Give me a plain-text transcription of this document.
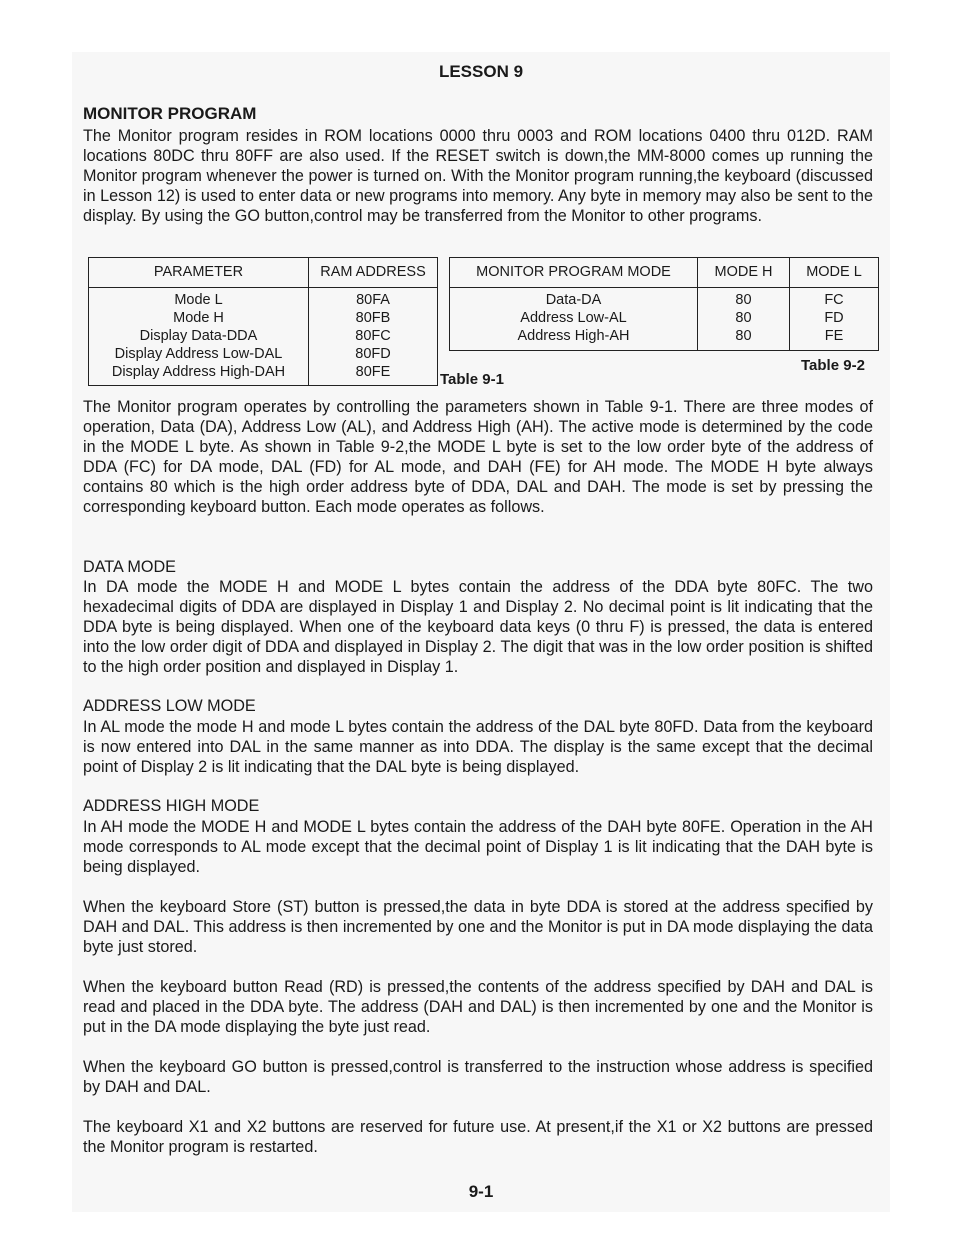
LESSON 9
MONITOR PROGRAM

The Monitor program resides in ROM locations 0000 thru 0003 and ROM locations 0400 thru 012D. RAM locations 80DC thru 80FF are also used. If the RESET switch is down,the MM-8000 comes up running the Monitor program whenever the power is turned on. With the Monitor program running,the keyboard (discussed in Lesson 12) is used to enter data or new programs into memory. Any byte in memory may also be sent to the display. By using the GO button,control may be transferred from the Monitor to other programs.

PARAMETER	RAM ADDRESS
Mode L	80FA
Mode H	80FB
Display Data-DDA	80FC
Display Address Low-DAL	80FD
Display Address High-DAH	80FE	Table 9-1
MONITOR PROGRAM MODE	MODE H	MODE L
Data-DA	80	FC
Address Low-AL	80	FD
Address High-AH	80	FE
Table 9-2

The Monitor program operates by controlling the parameters shown in Table 9-1. There are three modes of operation, Data (DA), Address Low (AL), and Address High (AH). The active mode is determined by the code in the MODE L byte. As shown in Table 9-2,the MODE L byte is set to the low order byte of the address of DDA (FC) for DA mode, DAL (FD) for AL mode, and DAH (FE) for AH mode. The MODE H byte always contains 80 which is the high order address byte of DDA, DAL and DAH. The mode is set by pressing the corresponding keyboard button. Each mode operates as follows.

DATA MODE

In DA mode the MODE H and MODE L bytes contain the address of the DDA byte 80FC. The two hexadecimal digits of DDA are displayed in Display 1 and Display 2. No decimal point is lit indicating that the DDA byte is being displayed. When one of the keyboard data keys (0 thru F) is pressed, the data is entered into the low order digit of DDA and displayed in Display 2. The digit that was in the low order position is shifted to the high order position and displayed in Display 1.

ADDRESS LOW MODE

In AL mode the mode H and mode L bytes contain the address of the DAL byte 80FD. Data from the keyboard is now entered into DAL in the same manner as into DDA. The display is the same except that the decimal point of Display 2 is lit indicating that the DAL byte is being displayed.

ADDRESS HIGH MODE

In AH mode the MODE H and MODE L bytes contain the address of the DAH byte 80FE. Operation in the AH mode corresponds to AL mode except that the decimal point of Display 1 is lit indicating that the DAH byte is being displayed.

When the keyboard Store (ST) button is pressed,the data in byte DDA is stored at the address specified by DAH and DAL. This address is then incremented by one and the Monitor is put in DA mode displaying the data byte just stored.

When the keyboard button Read (RD) is pressed,the contents of the address specified by DAH and DAL is read and placed in the DDA byte. The address (DAH and DAL) is then incremented by one and the Monitor is put in the DA mode displaying the byte just read.

When the keyboard GO button is pressed,control is transferred to the instruction whose address is specified by DAH and DAL.

The keyboard X1 and X2 buttons are reserved for future use. At present,if the X1 or X2 buttons are pressed the Monitor program is restarted.

9-1
